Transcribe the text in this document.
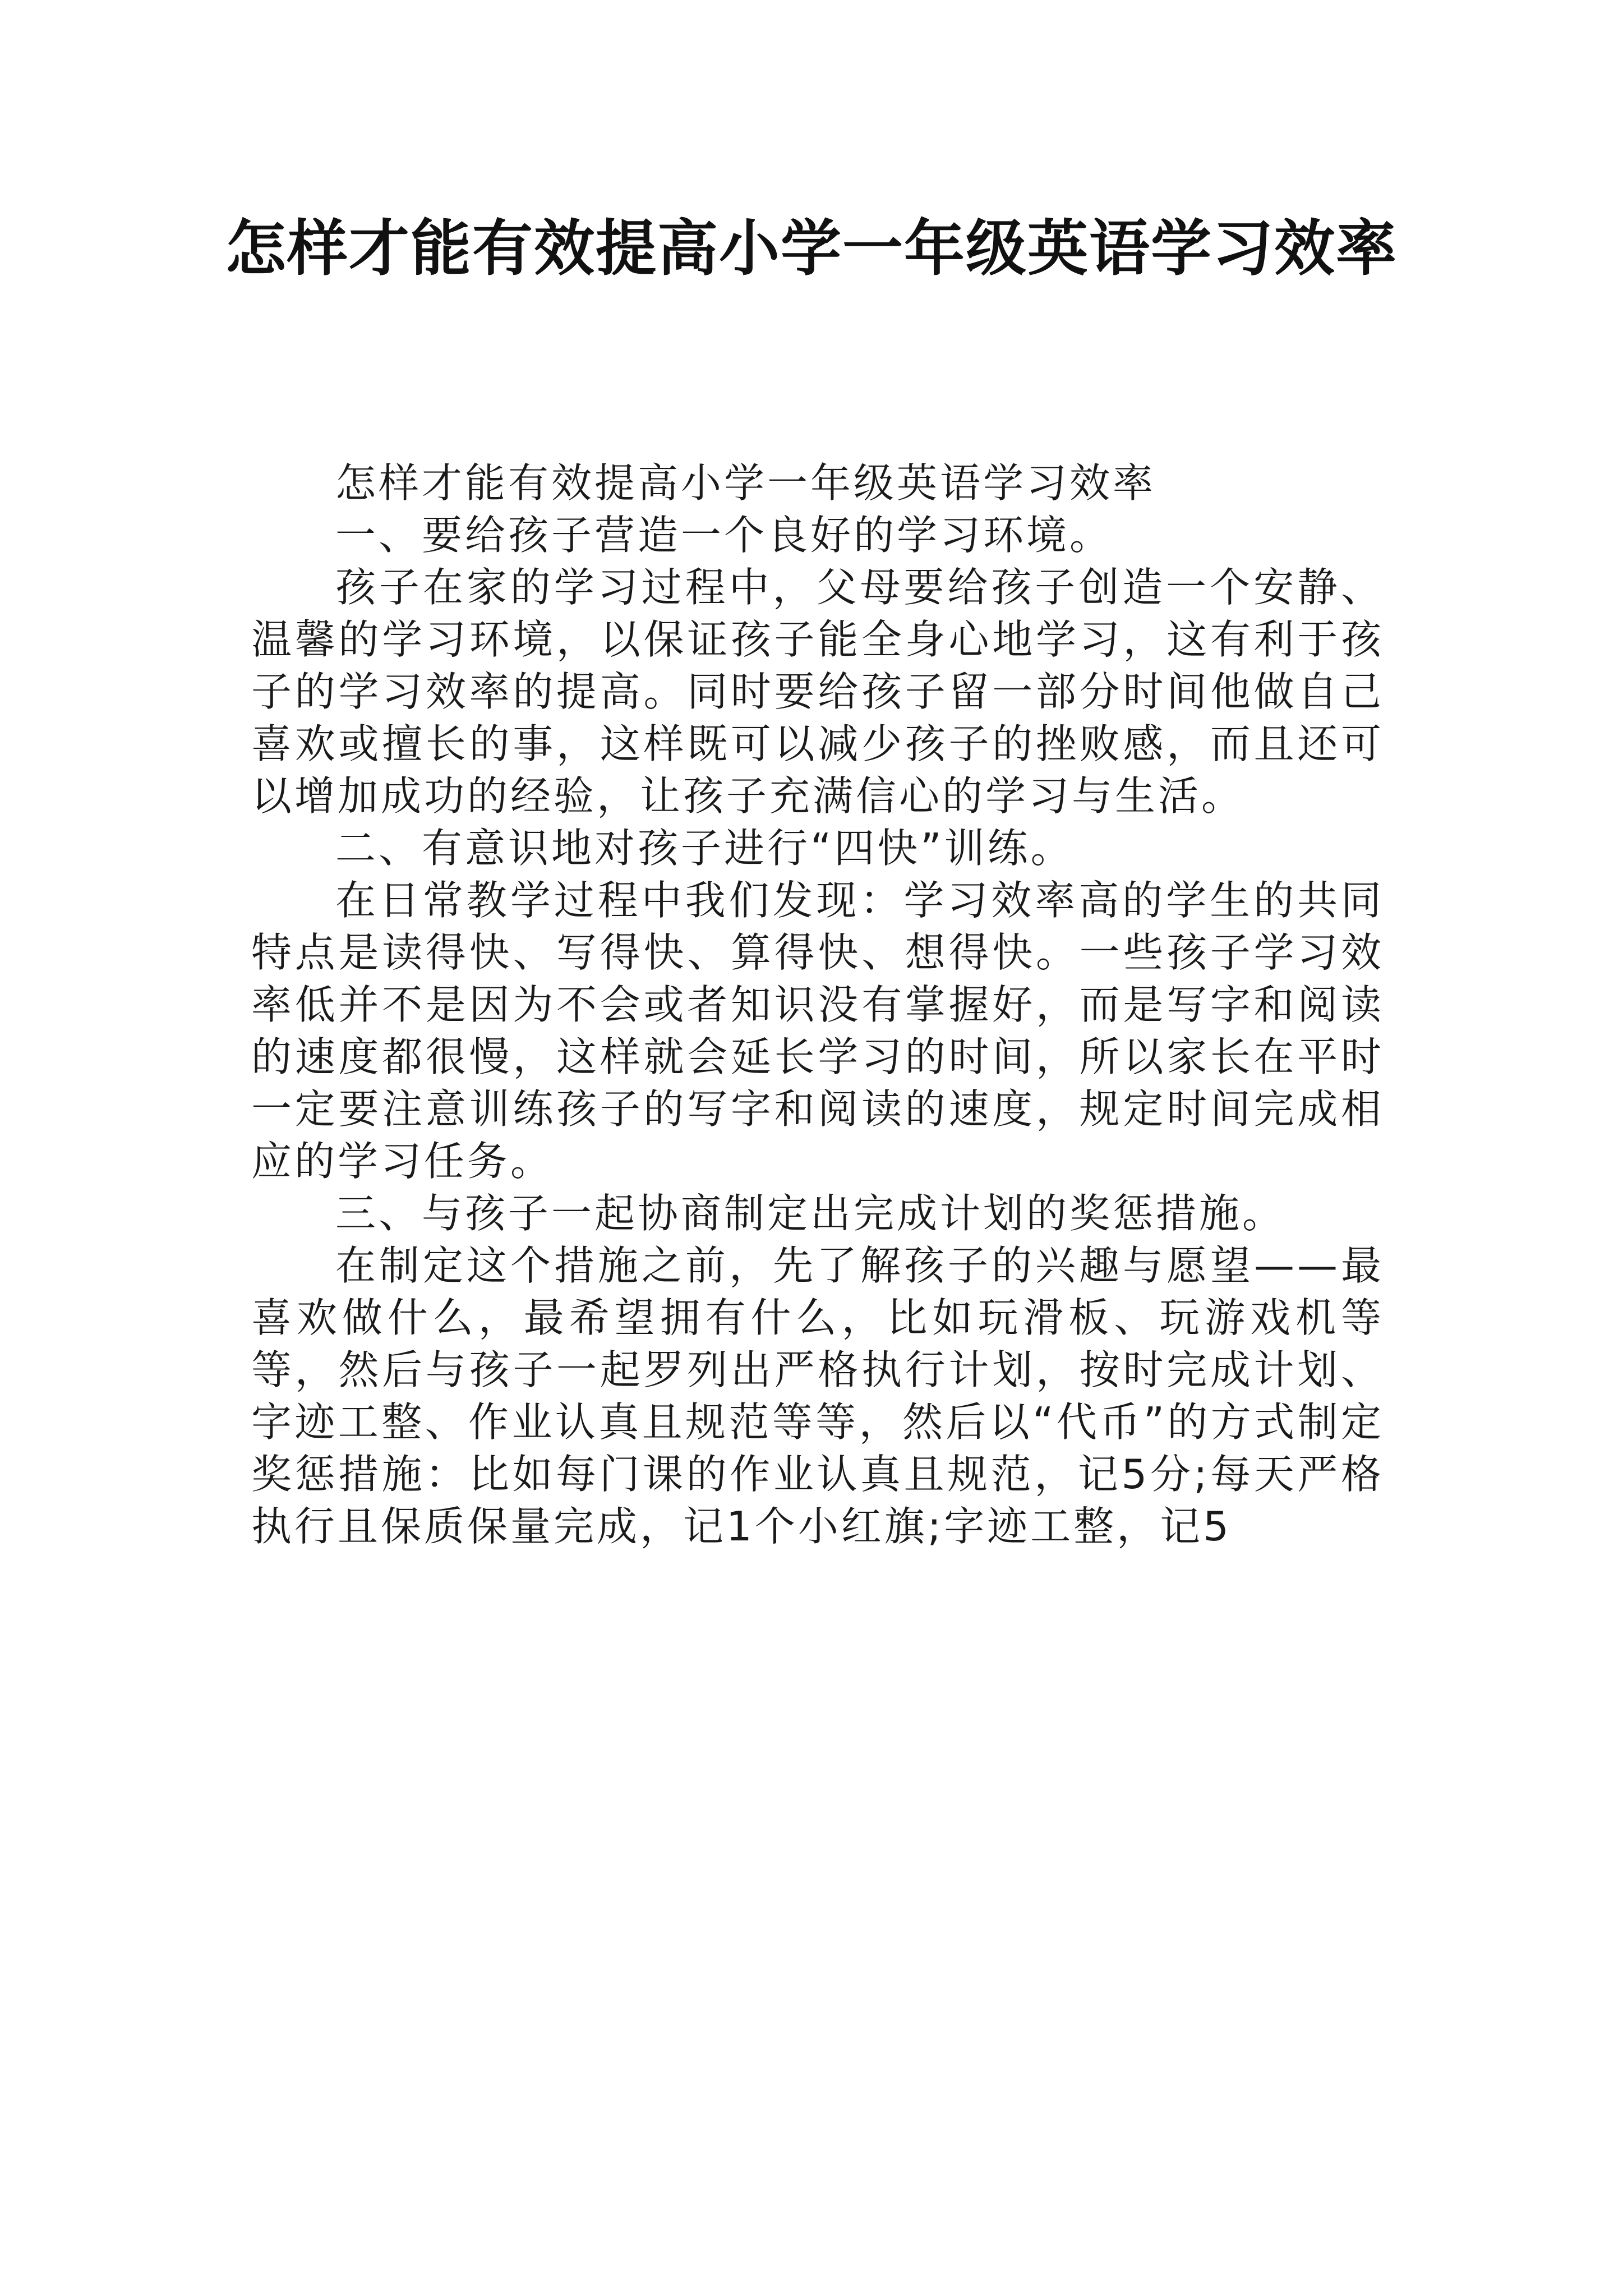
怎样才能有效提高小学一年级英语学习效率

怎样才能有效提高小学一年级英语学习效率

一、要给孩子营造一个良好的学习环境。

孩子在家的学习过程中，父母要给孩子创造一个安静、温馨的学习环境，以保证孩子能全身心地学习，这有利于孩子的学习效率的提高。同时要给孩子留一部分时间他做自己喜欢或擅长的事，这样既可以减少孩子的挫败感，而且还可以增加成功的经验，让孩子充满信心的学习与生活。

二、有意识地对孩子进行“四快”训练。

在日常教学过程中我们发现：学习效率高的学生的共同特点是读得快、写得快、算得快、想得快。一些孩子学习效率低并不是因为不会或者知识没有掌握好，而是写字和阅读的速度都很慢，这样就会延长学习的时间，所以家长在平时一定要注意训练孩子的写字和阅读的速度，规定时间完成相应的学习任务。

三、与孩子一起协商制定出完成计划的奖惩措施。

在制定这个措施之前，先了解孩子的兴趣与愿望——最喜欢做什么，最希望拥有什么，比如玩滑板、玩游戏机等等，然后与孩子一起罗列出严格执行计划，按时完成计划、字迹工整、作业认真且规范等等，然后以“代币”的方式制定奖惩措施：比如每门课的作业认真且规范，记5分;每天严格执行且保质保量完成，记1个小红旗;字迹工整，记5
